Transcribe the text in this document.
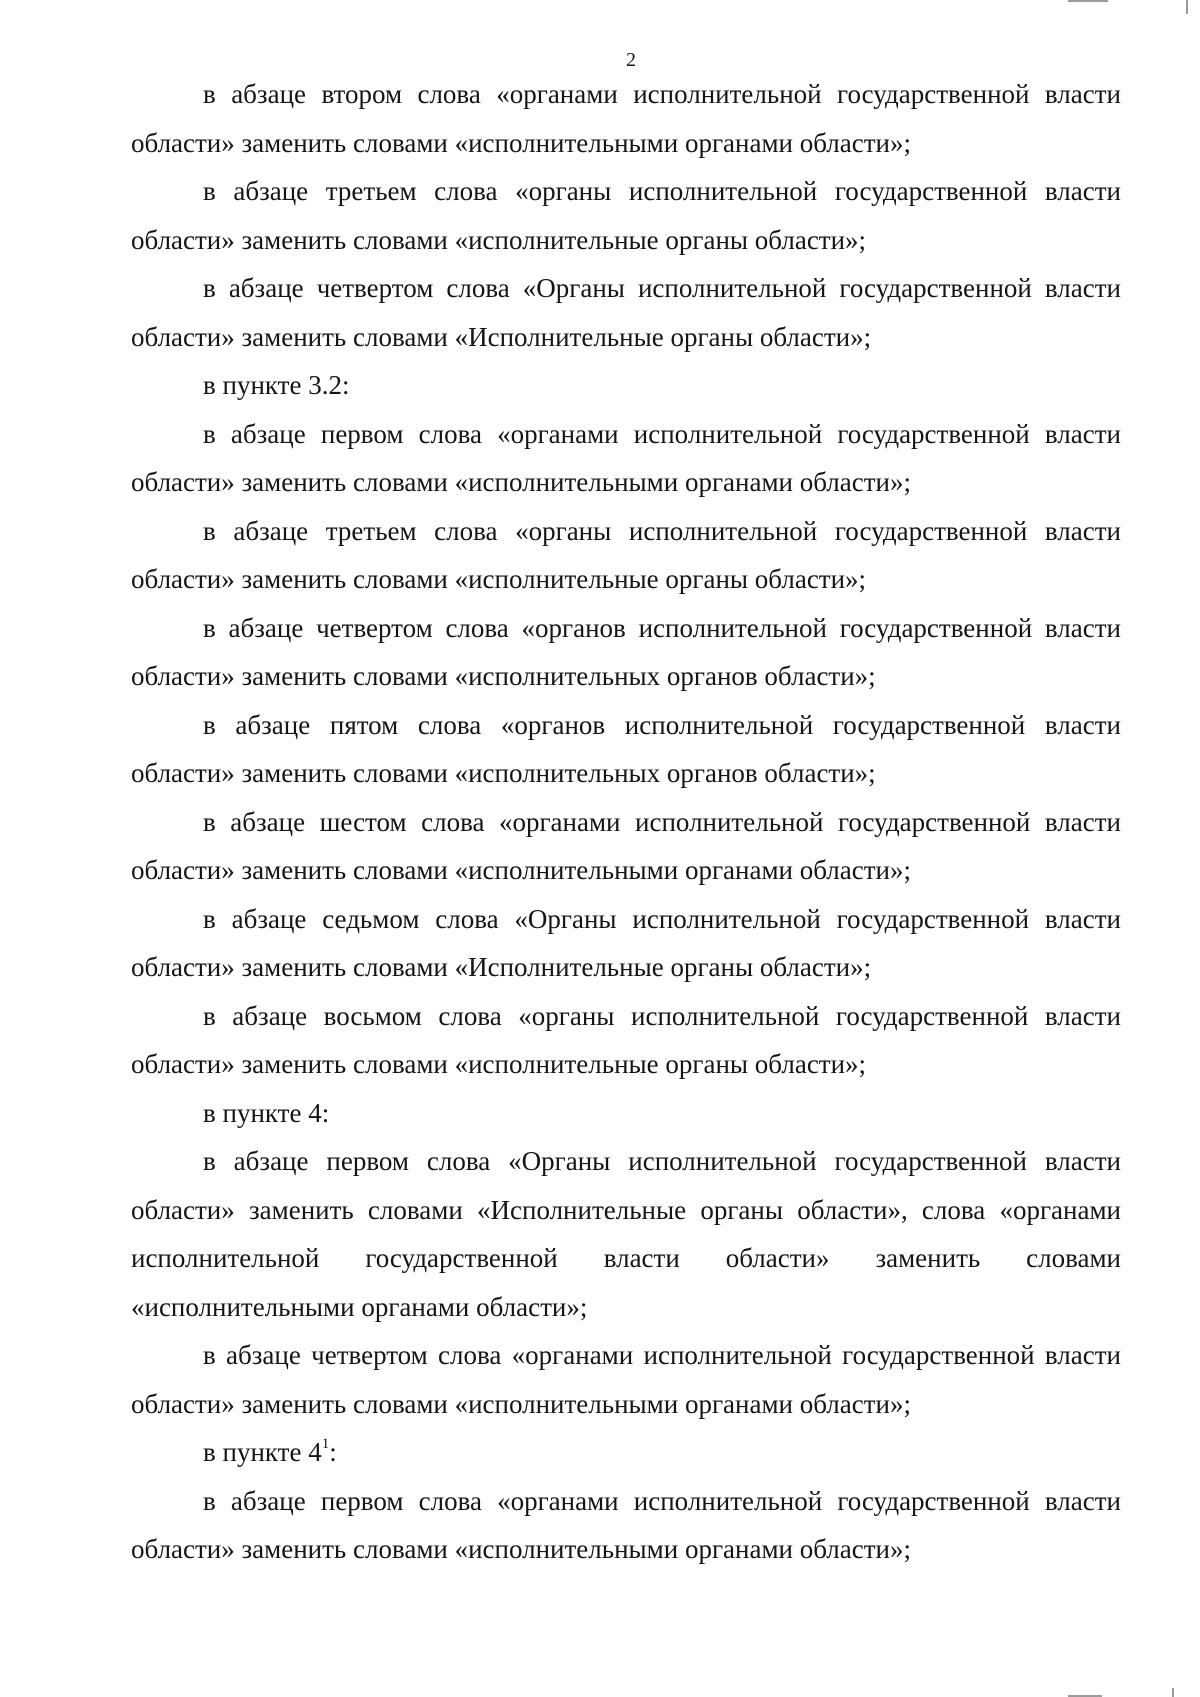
2

в абзаце втором слова «органами исполнительной государственной власти области» заменить словами «исполнительными органами области»;

в абзаце третьем слова «органы исполнительной государственной власти области» заменить словами «исполнительные органы области»;

в абзаце четвертом слова «Органы исполнительной государственной власти области» заменить словами «Исполнительные органы области»;

в пункте 3.2:

в абзаце первом слова «органами исполнительной государственной власти области» заменить словами «исполнительными органами области»;

в абзаце третьем слова «органы исполнительной государственной власти области» заменить словами «исполнительные органы области»;

в абзаце четвертом слова «органов исполнительной государственной власти области» заменить словами «исполнительных органов области»;

в абзаце пятом слова «органов исполнительной государственной власти области» заменить словами «исполнительных органов области»;

в абзаце шестом слова «органами исполнительной государственной власти области» заменить словами «исполнительными органами области»;

в абзаце седьмом слова «Органы исполнительной государственной власти области» заменить словами «Исполнительные органы области»;

в абзаце восьмом слова «органы исполнительной государственной власти области» заменить словами «исполнительные органы области»;

в пункте 4:

в абзаце первом слова «Органы исполнительной государственной власти области» заменить словами «Исполнительные органы области», слова «органами исполнительной государственной власти области» заменить словами «исполнительными органами области»;

в абзаце четвертом слова «органами исполнительной государственной власти области» заменить словами «исполнительными органами области»;

в пункте $4^1$:

в абзаце первом слова «органами исполнительной государственной власти области» заменить словами «исполнительными органами области»;
